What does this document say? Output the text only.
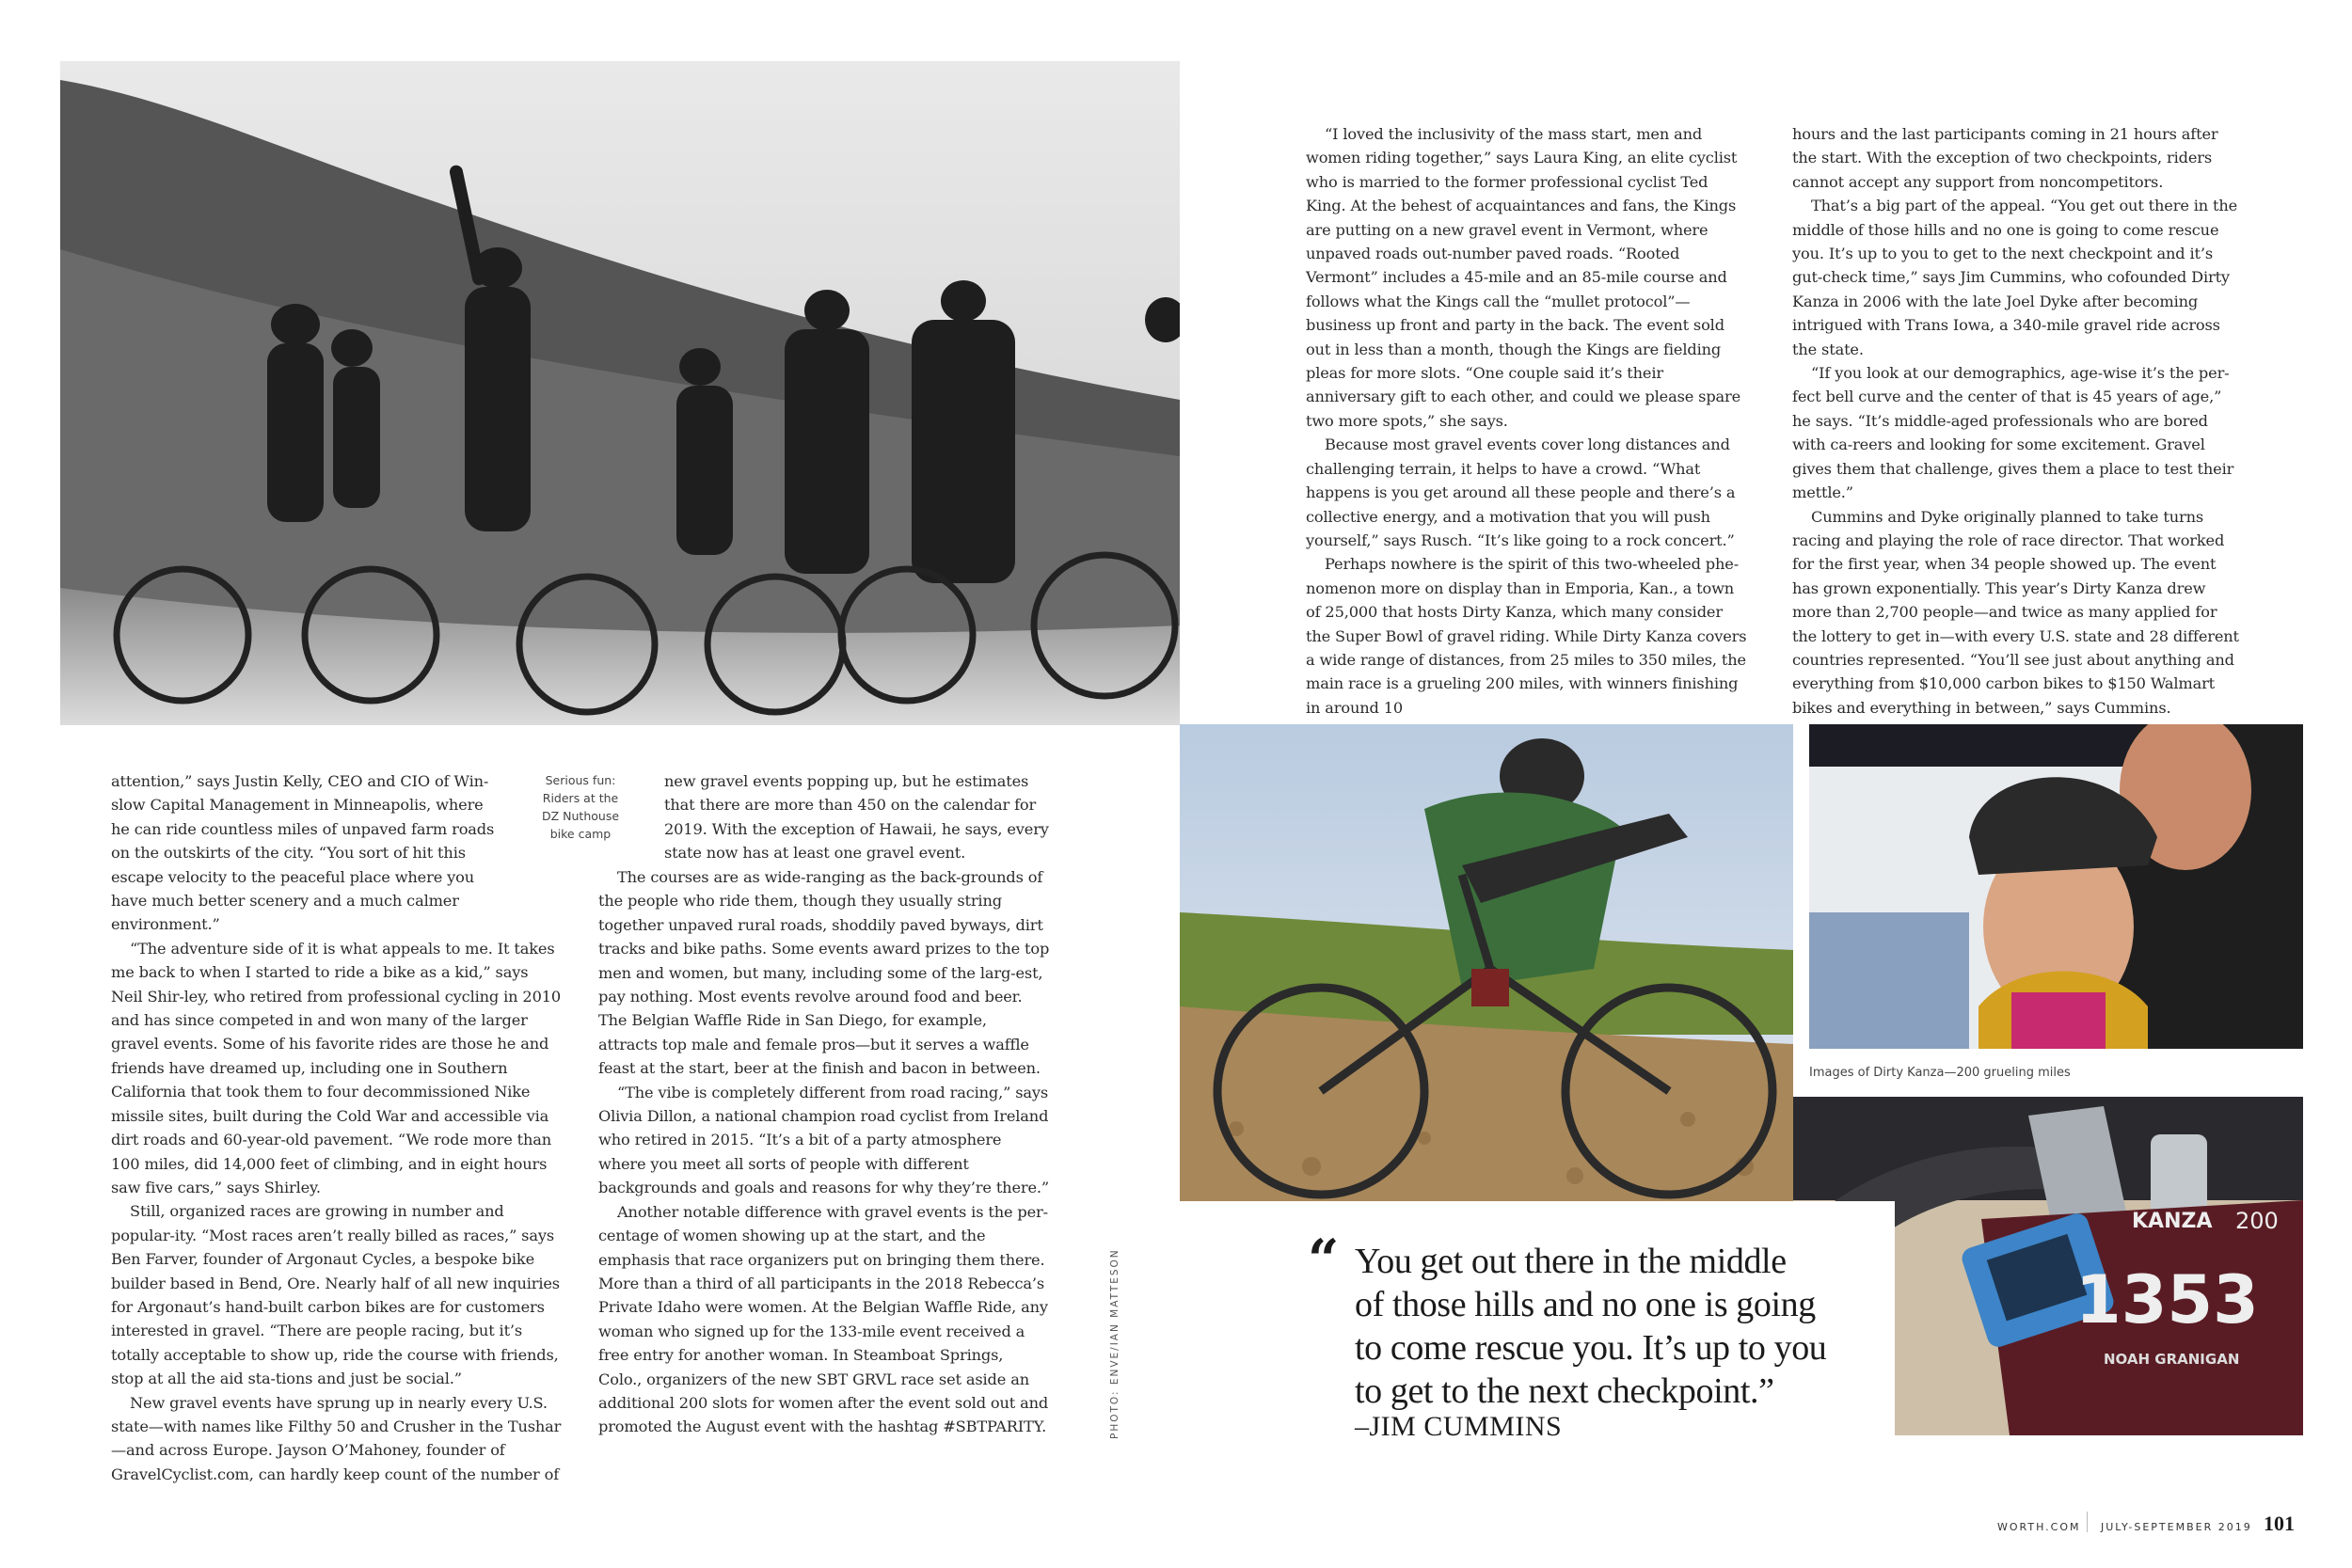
“I loved the inclusivity of the mass start, men and women riding together,” says Laura King, an elite cyclist who is married to the former professional cyclist Ted King. At the behest of acquaintances and fans, the Kings are putting on a new gravel event in Vermont, where unpaved roads out-number paved roads. “Rooted Vermont” includes a 45-mile and an 85-mile course and follows what the Kings call the “mullet protocol”—business up front and party in the back. The event sold out in less than a month, though the Kings are fielding pleas for more slots. “One couple said it’s their anniversary gift to each other, and could we please spare two more spots,” she says.

Because most gravel events cover long distances and challenging terrain, it helps to have a crowd. “What happens is you get around all these people and there’s a collective energy, and a motivation that you will push yourself,” says Rusch. “It’s like going to a rock concert.”

Perhaps nowhere is the spirit of this two-wheeled phe-nomenon more on display than in Emporia, Kan., a town of 25,000 that hosts Dirty Kanza, which many consider the Super Bowl of gravel riding. While Dirty Kanza covers a wide range of distances, from 25 miles to 350 miles, the main race is a grueling 200 miles, with winners finishing in around 10

hours and the last participants coming in 21 hours after the start. With the exception of two checkpoints, riders cannot accept any support from noncompetitors.

That’s a big part of the appeal. “You get out there in the middle of those hills and no one is going to come rescue you. It’s up to you to get to the next checkpoint and it’s gut-check time,” says Jim Cummins, who cofounded Dirty Kanza in 2006 with the late Joel Dyke after becoming intrigued with Trans Iowa, a 340-mile gravel ride across the state.

“If you look at our demographics, age-wise it’s the per-fect bell curve and the center of that is 45 years of age,” he says. “It’s middle-aged professionals who are bored with ca-reers and looking for some excitement. Gravel gives them that challenge, gives them a place to test their mettle.”

Cummins and Dyke originally planned to take turns racing and playing the role of race director. That worked for the first year, when 34 people showed up. The event has grown exponentially. This year’s Dirty Kanza drew more than 2,700 people—and twice as many applied for the lottery to get in—with every U.S. state and 28 different countries represented. “You’ll see just about anything and everything from $10,000 carbon bikes to $150 Walmart bikes and everything in between,” says Cummins.

attention,” says Justin Kelly, CEO and CIO of Win-slow Capital Management in Minneapolis, where he can ride countless miles of unpaved farm roads on the outskirts of the city. “You sort of hit this escape velocity to the peaceful place where you have much better scenery and a much calmer environment.”

“The adventure side of it is what appeals to me. It takes me back to when I started to ride a bike as a kid,” says Neil Shir-ley, who retired from professional cycling in 2010 and has since competed in and won many of the larger gravel events. Some of his favorite rides are those he and friends have dreamed up, including one in Southern California that took them to four decommissioned Nike missile sites, built during the Cold War and accessible via dirt roads and 60-year-old pavement. “We rode more than 100 miles, did 14,000 feet of climbing, and in eight hours saw five cars,” says Shirley.

Still, organized races are growing in number and popular-ity. “Most races aren’t really billed as races,” says Ben Farver, founder of Argonaut Cycles, a bespoke bike builder based in Bend, Ore. Nearly half of all new inquiries for Argonaut’s hand-built carbon bikes are for customers interested in gravel. “There are people racing, but it’s totally acceptable to show up, ride the course with friends, stop at all the aid sta-tions and just be social.”

New gravel events have sprung up in nearly every U.S. state—with names like Filthy 50 and Crusher in the Tushar—and across Europe. Jayson O’Mahoney, founder of GravelCyclist.com, can hardly keep count of the number of

Serious fun: Riders at the DZ Nuthouse bike camp

new gravel events popping up, but he estimates that there are more than 450 on the calendar for 2019. With the exception of Hawaii, he says, every state now has at least one gravel event.

The courses are as wide-ranging as the back-grounds of the people who ride them, though they usually string together unpaved rural roads, shoddily paved byways, dirt tracks and bike paths. Some events award prizes to the top men and women, but many, including some of the larg-est, pay nothing. Most events revolve around food and beer. The Belgian Waffle Ride in San Diego, for example, attracts top male and female pros—but it serves a waffle feast at the start, beer at the finish and bacon in between.

“The vibe is completely different from road racing,” says Olivia Dillon, a national champion road cyclist from Ireland who retired in 2015. “It’s a bit of a party atmosphere where you meet all sorts of people with different backgrounds and goals and reasons for why they’re there.”

Another notable difference with gravel events is the per-centage of women showing up at the start, and the emphasis that race organizers put on bringing them there. More than a third of all participants in the 2018 Rebecca’s Private Idaho were women. At the Belgian Waffle Ride, any woman who signed up for the 133-mile event received a free entry for another woman. In Steamboat Springs, Colo., organizers of the new SBT GRVL race set aside an additional 200 slots for women after the event sold out and promoted the August event with the hashtag #SBTPARITY.	PHOTO: ENVE/IAN MATTESON
Images of Dirty Kanza—200 grueling miles
1353
KANZA 200
NOAH GRANIGAN
“ You get out there in the middle
of those hills and no one is going
to come rescue you. It’s up to you
to get to the next checkpoint.”
–JIM CUMMINS
WORTH.COM JULY-SEPTEMBER 2019 101
